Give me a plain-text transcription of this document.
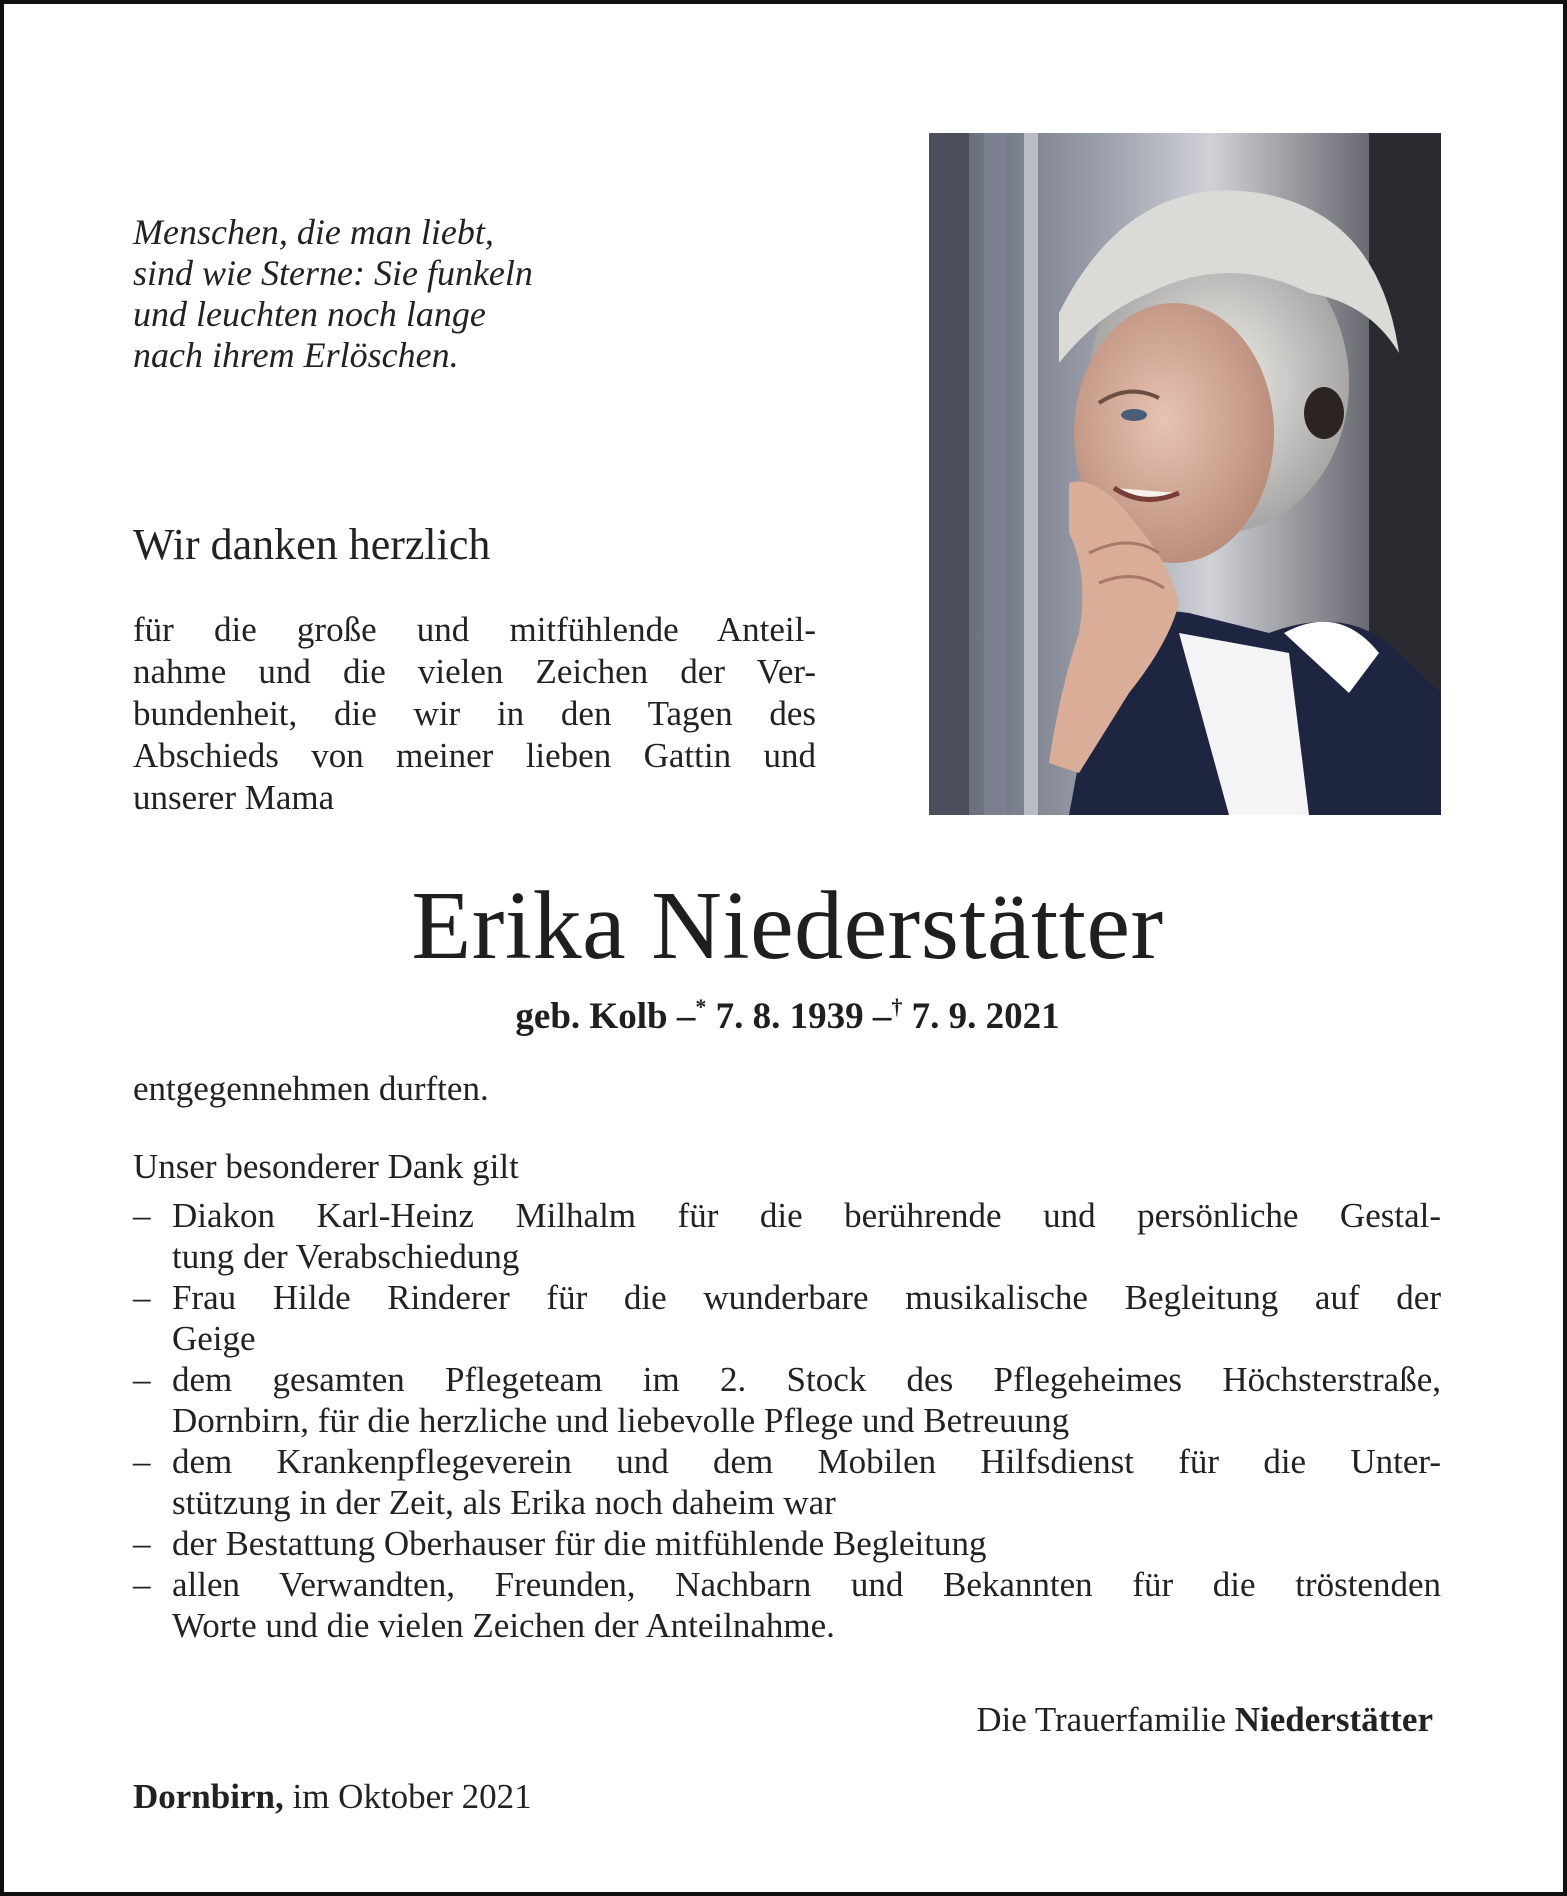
Menschen, die man liebt,
sind wie Sterne: Sie funkeln
und leuchten noch lange
nach ihrem Erlöschen.
Wir danken herzlich
für die große und mitfühlende Anteil-
nahme und die vielen Zeichen der Ver-
bundenheit, die wir in den Tagen des
Abschieds von meiner lieben Gattin und
unserer Mama
Erika Niederstätter
geb. Kolb –* 7. 8. 1939 –† 7. 9. 2021
entgegennehmen durften.
Unser besonderer Dank gilt
– Diakon Karl-Heinz Milhalm für die berührende und persönliche Gestal-
tung der Verabschiedung
– Frau Hilde Rinderer für die wunderbare musikalische Begleitung auf der
Geige
– dem gesamten Pflegeteam im 2. Stock des Pflegeheimes Höchsterstraße,
Dornbirn, für die herzliche und liebevolle Pflege und Betreuung
– dem Krankenpflegeverein und dem Mobilen Hilfsdienst für die Unter-
stützung in der Zeit, als Erika noch daheim war
– der Bestattung Oberhauser für die mitfühlende Begleitung
– allen Verwandten, Freunden, Nachbarn und Bekannten für die tröstenden
Worte und die vielen Zeichen der Anteilnahme.
Die Trauerfamilie Niederstätter
Dornbirn, im Oktober 2021
